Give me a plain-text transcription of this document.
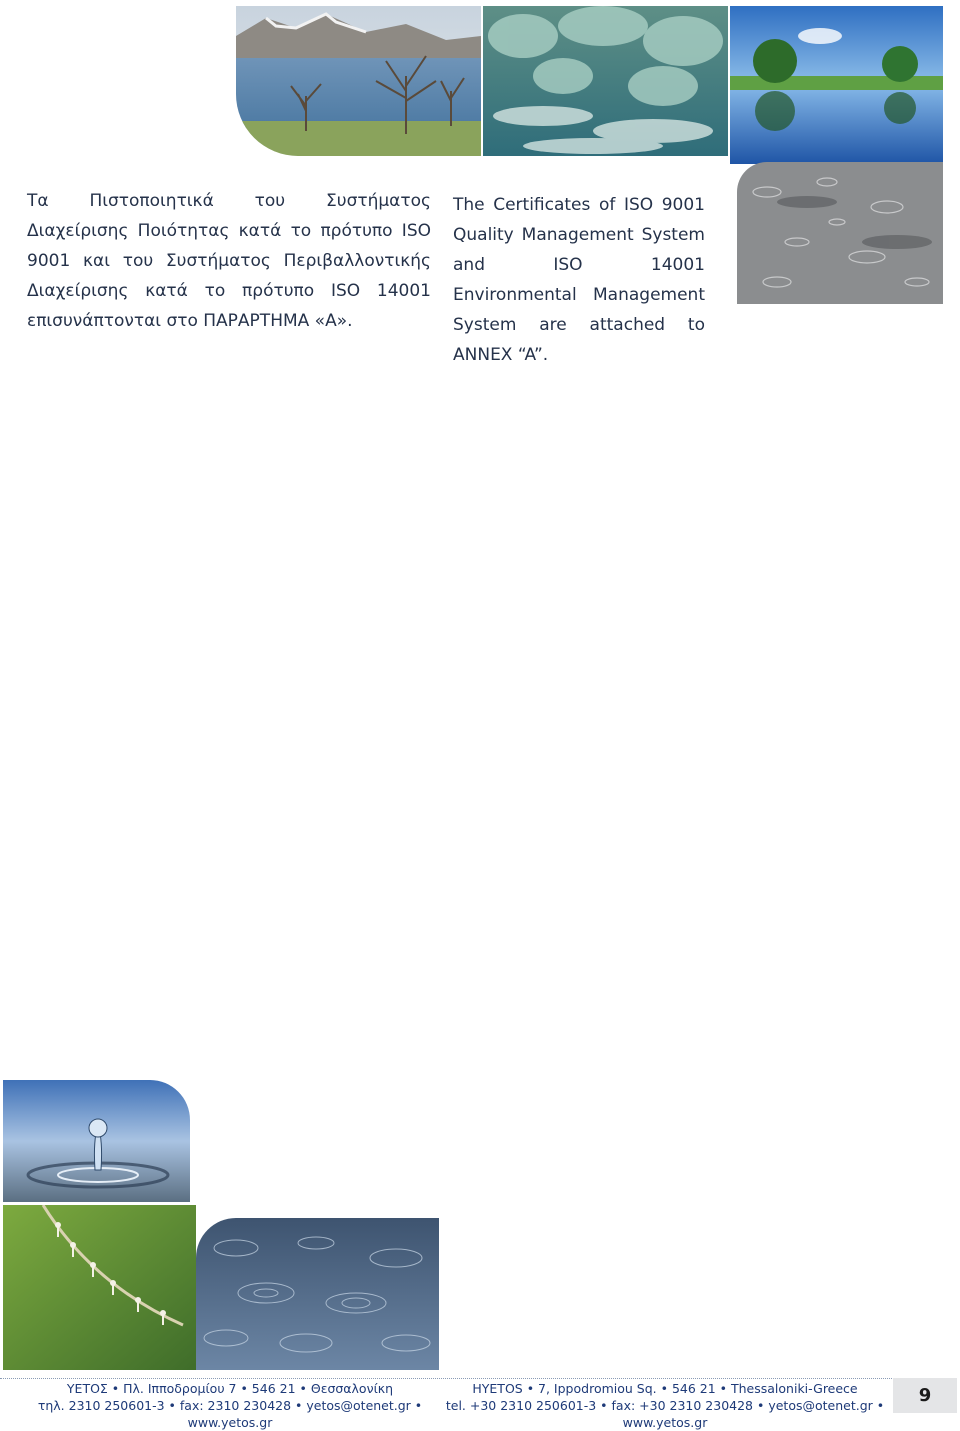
Τα Πιστοποιητικά του Συστήματος Διαχείρισης Ποιότητας κατά το πρότυπο ISO 9001 και του Συστήματος Περιβαλλοντικής Διαχείρισης κατά το πρότυπο ISO 14001 επισυνάπτονται στο ΠΑΡΑΡΤΗΜΑ «Α».
The Certificates of ISO 9001 Quality Management System and ISO 14001 Environmental Management System are attached to ANNEX “A”.
ΥΕΤΟΣ • Πλ. Ιπποδρομίου 7 • 546 21 • Θεσσαλονίκη
τηλ. 2310 250601-3 • fax: 2310 230428 • yetos@otenet.gr • www.yetos.gr
HYETOS • 7, Ippodromiou Sq. • 546 21 • Thessaloniki-Greece
tel. +30 2310 250601-3 • fax: +30 2310 230428 • yetos@otenet.gr • www.yetos.gr
9
